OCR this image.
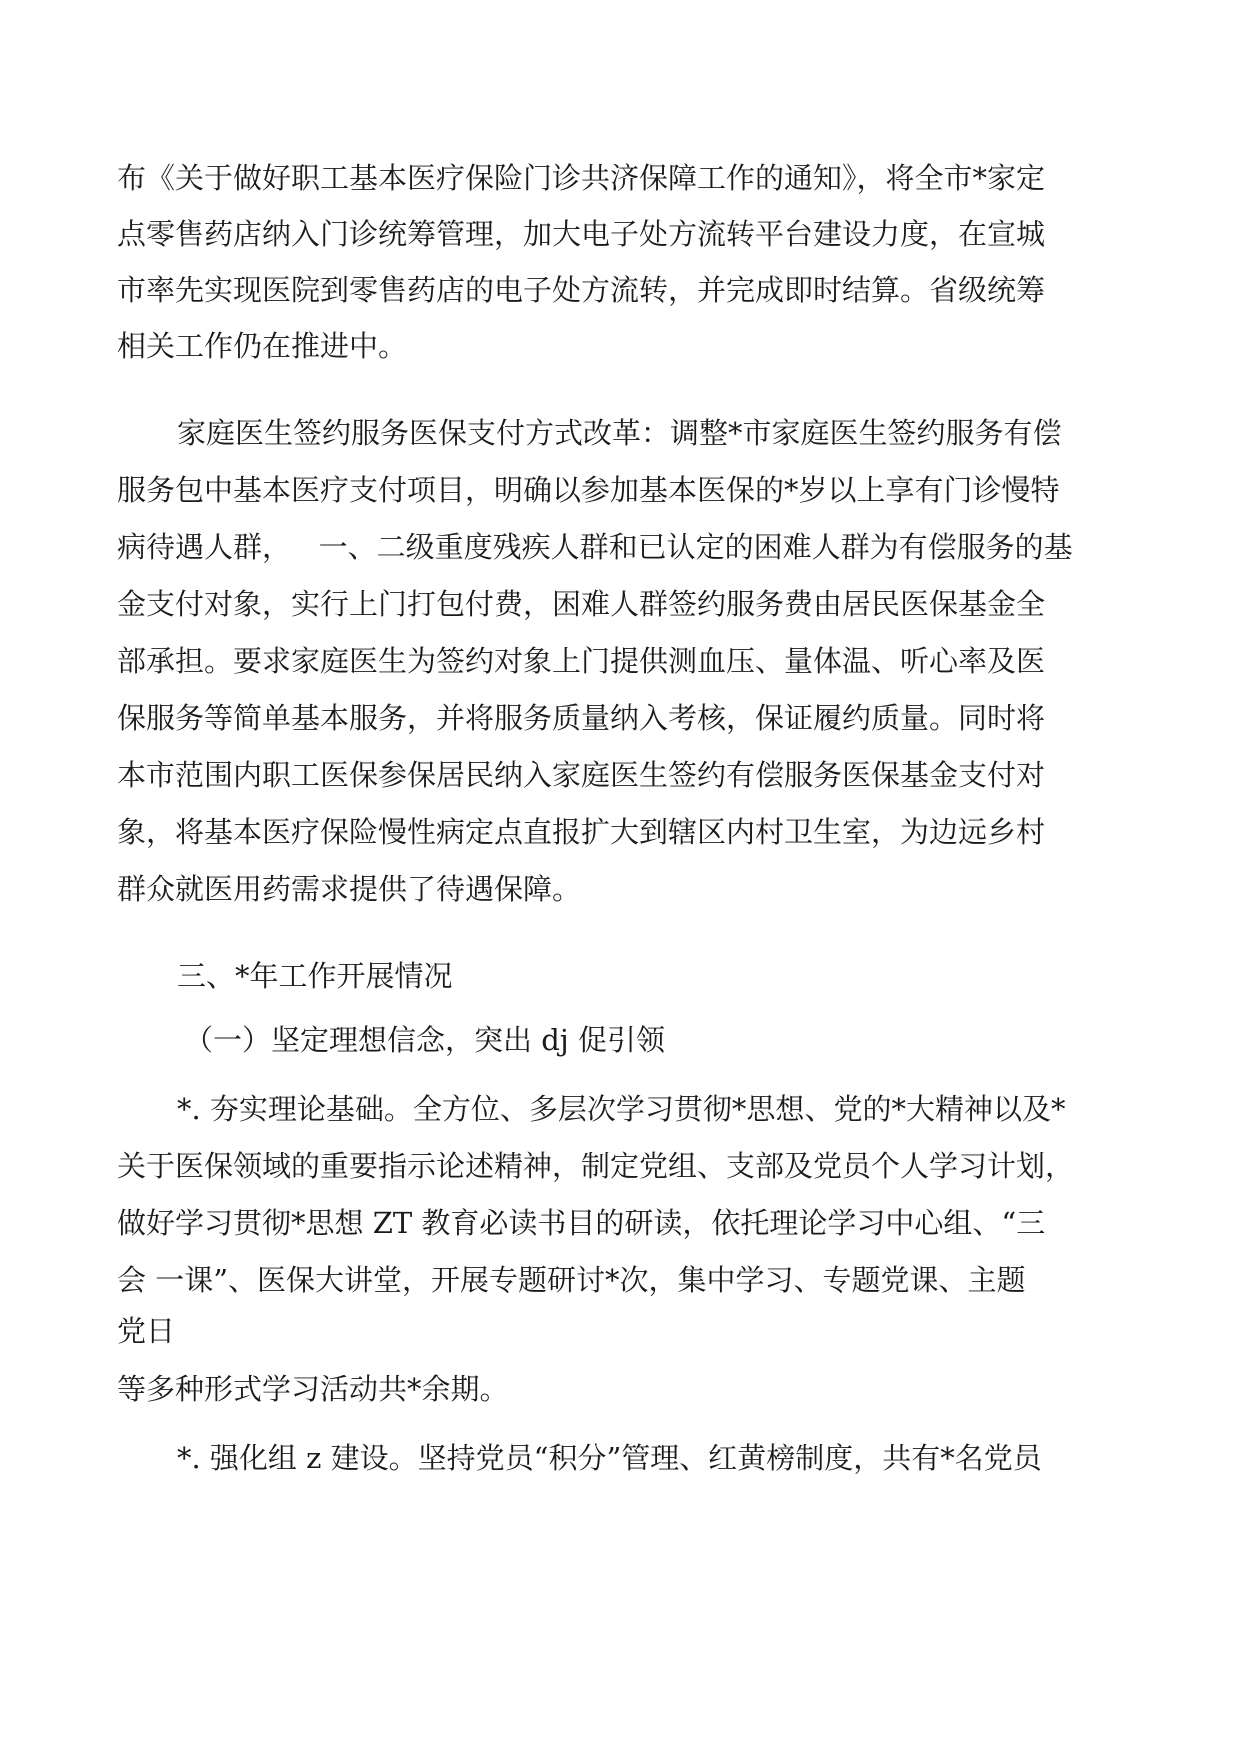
布《关于做好职工基本医疗保险门诊共济保障工作的通知》，将全市*家定
点零售药店纳入门诊统筹管理，加大电子处方流转平台建设力度，在宣城
市率先实现医院到零售药店的电子处方流转，并完成即时结算。省级统筹
相关工作仍在推进中。
家庭医生签约服务医保支付方式改革：调整*市家庭医生签约服务有偿
服务包中基本医疗支付项目，明确以参加基本医保的*岁以上享有门诊慢特
病待遇人群，   一、二级重度残疾人群和已认定的困难人群为有偿服务的基
金支付对象，实行上门打包付费，困难人群签约服务费由居民医保基金全
部承担。要求家庭医生为签约对象上门提供测血压、量体温、听心率及医
保服务等简单基本服务，并将服务质量纳入考核，保证履约质量。同时将
本市范围内职工医保参保居民纳入家庭医生签约有偿服务医保基金支付对
象，将基本医疗保险慢性病定点直报扩大到辖区内村卫生室，为边远乡村
群众就医用药需求提供了待遇保障。
三、*年工作开展情况
（一）坚定理想信念，突出 dj 促引领
*. 夯实理论基础。全方位、多层次学习贯彻*思想、党的*大精神以及*
关于医保领域的重要指示论述精神，制定党组、支部及党员个人学习计划，
做好学习贯彻*思想 ZT 教育必读书目的研读，依托理论学习中心组、“三
会 一课”、医保大讲堂，开展专题研讨*次，集中学习、专题党课、主题
党日
等多种形式学习活动共*余期。
*. 强化组 z 建设。坚持党员“积分”管理、红黄榜制度，共有*名党员
